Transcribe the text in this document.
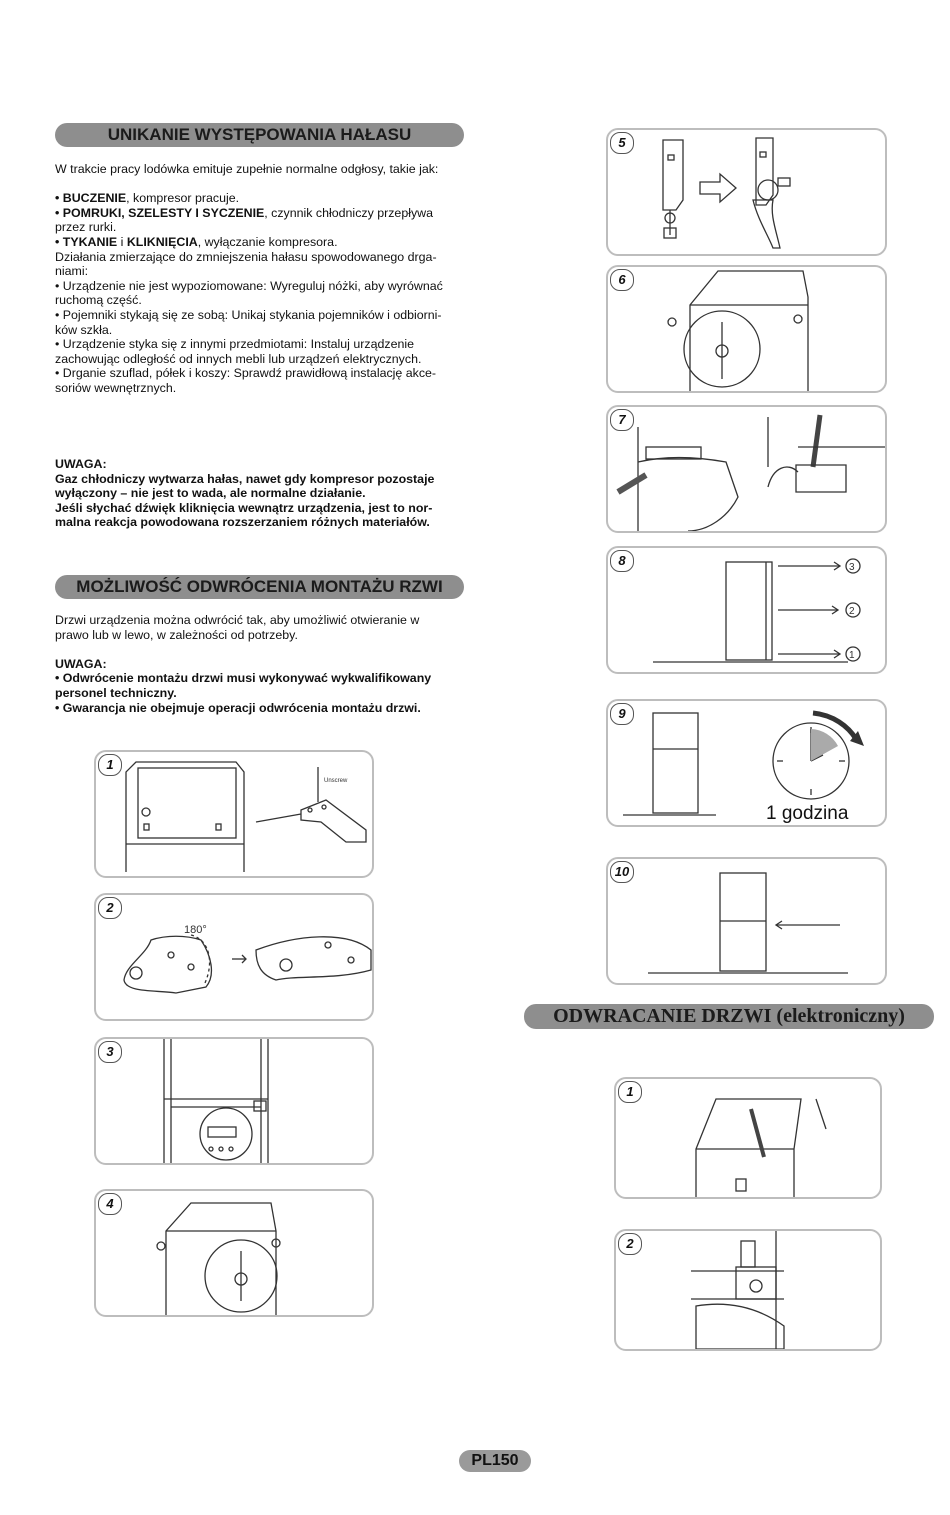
UNIKANIE WYSTĘPOWANIA HAŁASU
W trakcie pracy lodówka emituje zupełnie normalne odgłosy, takie jak:
• BUCZENIE, kompresor pracuje.
• POMRUKI, SZELESTY I SYCZENIE, czynnik chłodniczy przepływa
przez rurki.
• TYKANIE i KLIKNIĘCIA, wyłączanie kompresora.
Działania zmierzające do zmniejszenia hałasu spowodowanego drga-
niami:
• Urządzenie nie jest wypoziomowane: Wyreguluj nóżki, aby wyrównać
ruchomą część.
• Pojemniki stykają się ze sobą: Unikaj stykania pojemników i odbiorni-
ków szkła.
• Urządzenie styka się z innymi przedmiotami: Instaluj urządzenie
zachowując odległość od innych mebli lub urządzeń elektrycznych.
• Drganie szuflad, półek i koszy: Sprawdź prawidłową instalację akce-
soriów wewnętrznych.
UWAGA:
Gaz chłodniczy wytwarza hałas, nawet gdy kompresor pozostaje
wyłączony – nie jest to wada, ale normalne działanie.
Jeśli słychać dźwięk kliknięcia wewnątrz urządzenia, jest to nor-
malna reakcja powodowana rozszerzaniem różnych materiałów.
MOŻLIWOŚĆ ODWRÓCENIA MONTAŻU RZWI
Drzwi urządzenia można odwrócić tak, aby umożliwić otwieranie w
prawo lub w lewo, w zależności od potrzeby.
UWAGA:
• Odwrócenie montażu drzwi musi wykonywać wykwalifikowany
personel techniczny.
• Gwarancja nie obejmuje operacji odwrócenia montażu drzwi.
1
Unscrew
2
180°
3
4
5
6
7
8	3
2
1
9
1 godzina
10
ODWRACANIE DRZWI (elektroniczny)
1
2
PL150
